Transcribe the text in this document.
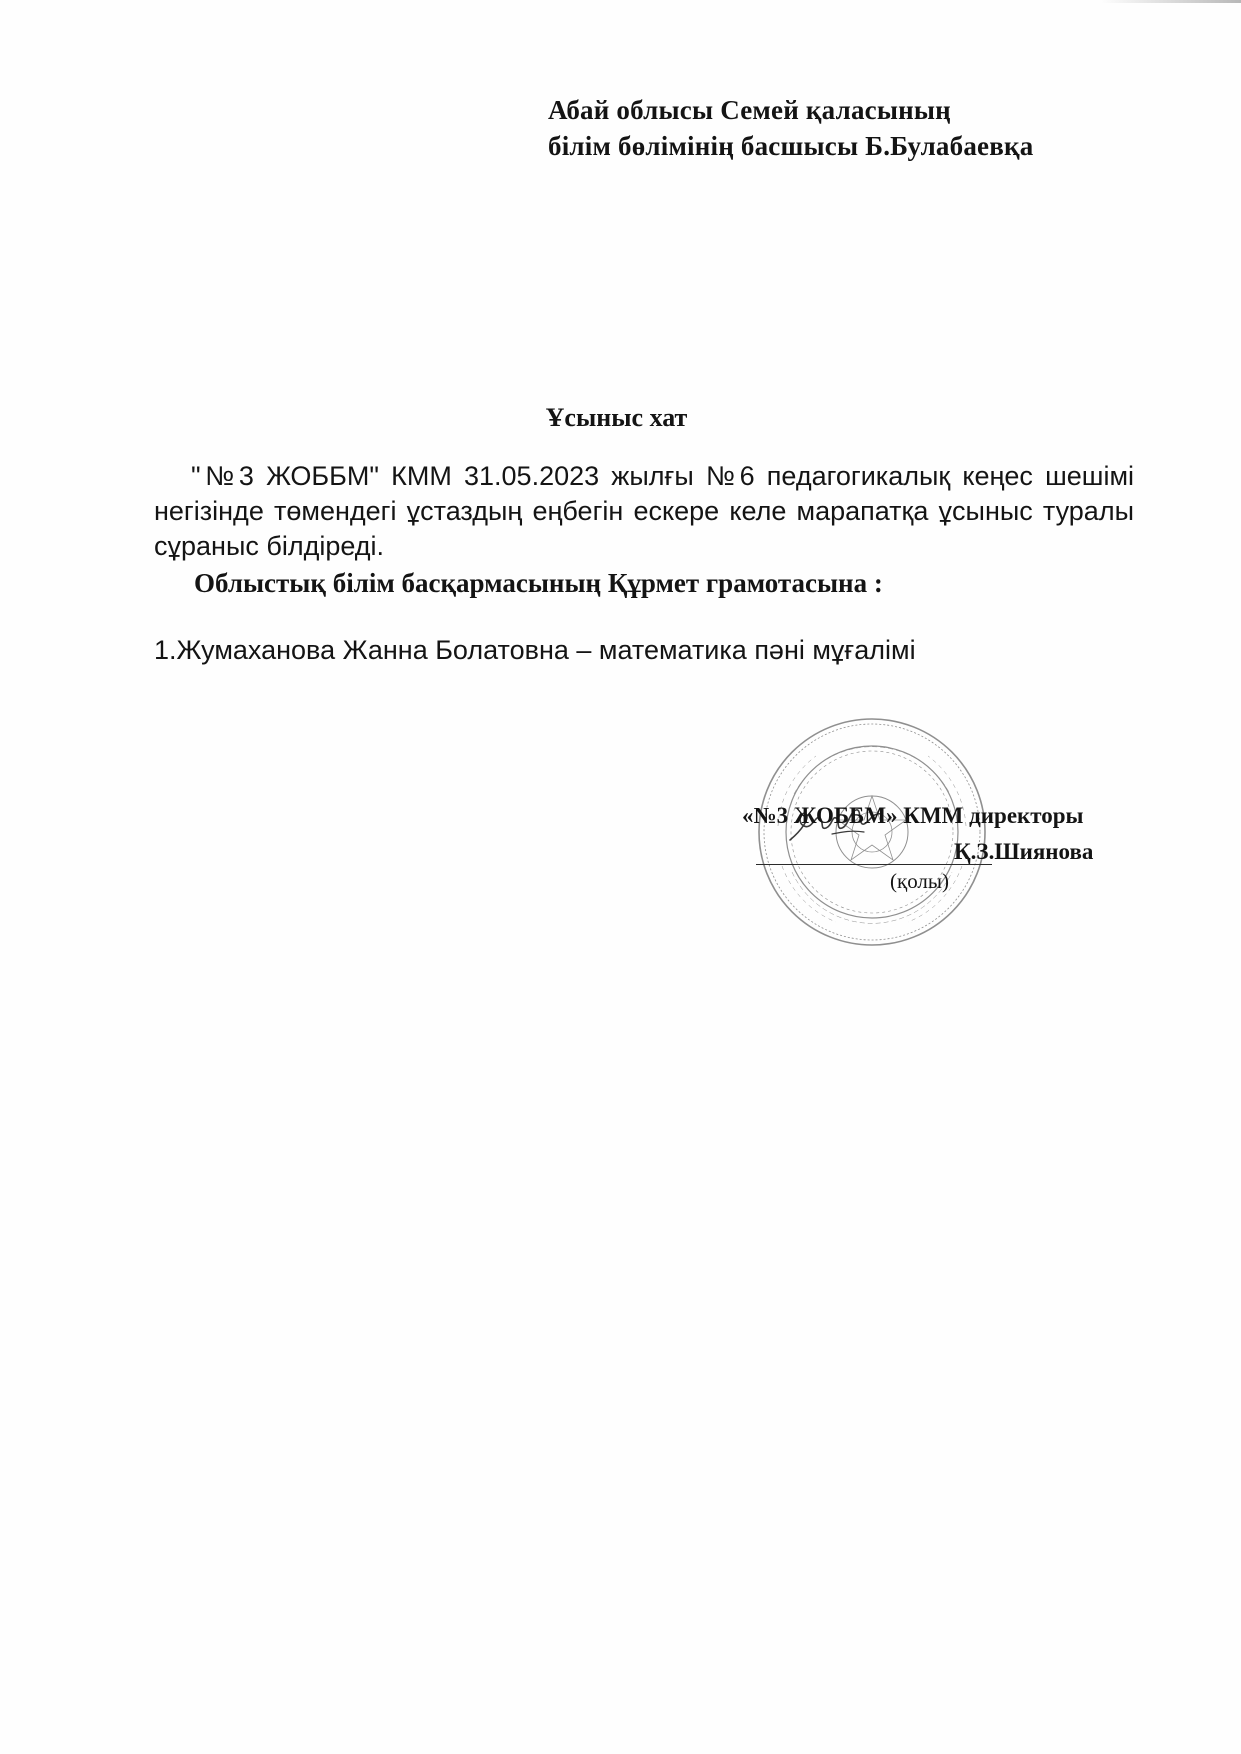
Абай облысы Семей қаласының
білім бөлімінің басшысы Б.Булабаевқа
Ұсыныс хат
"№3 ЖОББМ" КММ 31.05.2023 жылғы №6 педагогикалық кеңес шешімі негізінде төмендегі ұстаздың еңбегін ескере келе марапатқа ұсыныс туралы сұраныс білдіреді.
Облыстық білім басқармасының Құрмет грамотасына :
1.Жумаханова Жанна Болатовна – математика пәні мұғалімі
«№3 ЖОББМ» КММ директоры
Қ.З.Шиянова
(қолы)
